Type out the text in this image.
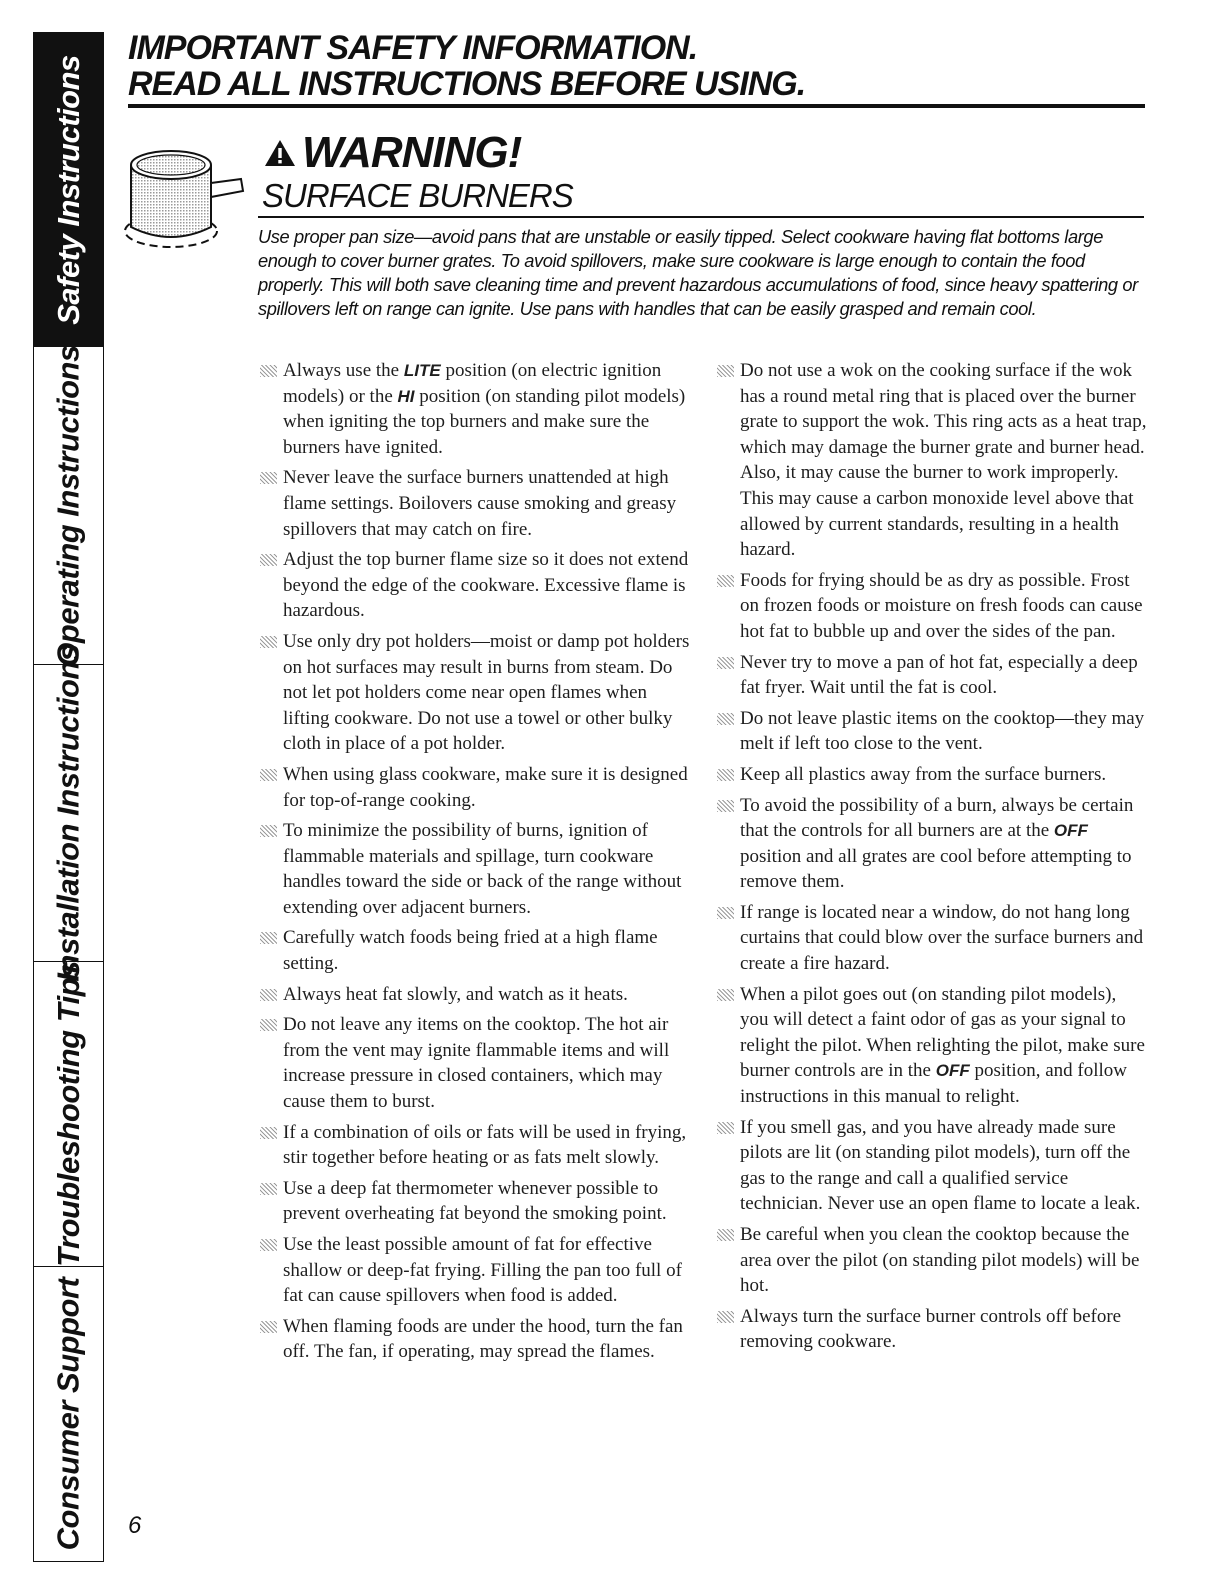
Safety Instructions
Operating Instructions
Installation Instructions
Troubleshooting Tips
Consumer Support

IMPORTANT SAFETY INFORMATION.

READ ALL INSTRUCTIONS BEFORE USING.

WARNING!
SURFACE BURNERS

Use proper pan size—avoid pans that are unstable or easily tipped. Select cookware having flat bottoms large enough to cover burner grates. To avoid spillovers, make sure cookware is large enough to contain the food properly. This will both save cleaning time and prevent hazardous accumulations of food, since heavy spattering or spillovers left on range can ignite. Use pans with handles that can be easily grasped and remain cool.

Always use the LITE position (on electric ignition models) or the HI position (on standing pilot models) when igniting the top burners and make sure the burners have ignited.
Never leave the surface burners unattended at high flame settings. Boilovers cause smoking and greasy spillovers that may catch on fire.
Adjust the top burner flame size so it does not extend beyond the edge of the cookware. Excessive flame is hazardous.
Use only dry pot holders—moist or damp pot holders on hot surfaces may result in burns from steam. Do not let pot holders come near open flames when lifting cookware. Do not use a towel or other bulky cloth in place of a pot holder.
When using glass cookware, make sure it is designed for top-of-range cooking.
To minimize the possibility of burns, ignition of flammable materials and spillage, turn cookware handles toward the side or back of the range without extending over adjacent burners.
Carefully watch foods being fried at a high flame setting.
Always heat fat slowly, and watch as it heats.
Do not leave any items on the cooktop. The hot air from the vent may ignite flammable items and will increase pressure in closed containers, which may cause them to burst.
If a combination of oils or fats will be used in frying, stir together before heating or as fats melt slowly.
Use a deep fat thermometer whenever possible to prevent overheating fat beyond the smoking point.
Use the least possible amount of fat for effective shallow or deep-fat frying. Filling the pan too full of fat can cause spillovers when food is added.
When flaming foods are under the hood, turn the fan off. The fan, if operating, may spread the flames.
Do not use a wok on the cooking surface if the wok has a round metal ring that is placed over the burner grate to support the wok. This ring acts as a heat trap, which may damage the burner grate and burner head. Also, it may cause the burner to work improperly. This may cause a carbon monoxide level above that allowed by current standards, resulting in a health hazard.
Foods for frying should be as dry as possible. Frost on frozen foods or moisture on fresh foods can cause hot fat to bubble up and over the sides of the pan.
Never try to move a pan of hot fat, especially a deep fat fryer. Wait until the fat is cool.
Do not leave plastic items on the cooktop—they may melt if left too close to the vent.
Keep all plastics away from the surface burners.
To avoid the possibility of a burn, always be certain that the controls for all burners are at the OFF position and all grates are cool before attempting to remove them.
If range is located near a window, do not hang long curtains that could blow over the surface burners and create a fire hazard.
When a pilot goes out (on standing pilot models), you will detect a faint odor of gas as your signal to relight the pilot. When relighting the pilot, make sure burner controls are in the OFF position, and follow instructions in this manual to relight.
If you smell gas, and you have already made sure pilots are lit (on standing pilot models), turn off the gas to the range and call a qualified service technician. Never use an open flame to locate a leak.
Be careful when you clean the cooktop because the area over the pilot (on standing pilot models) will be hot.
Always turn the surface burner controls off before removing cookware.
6
